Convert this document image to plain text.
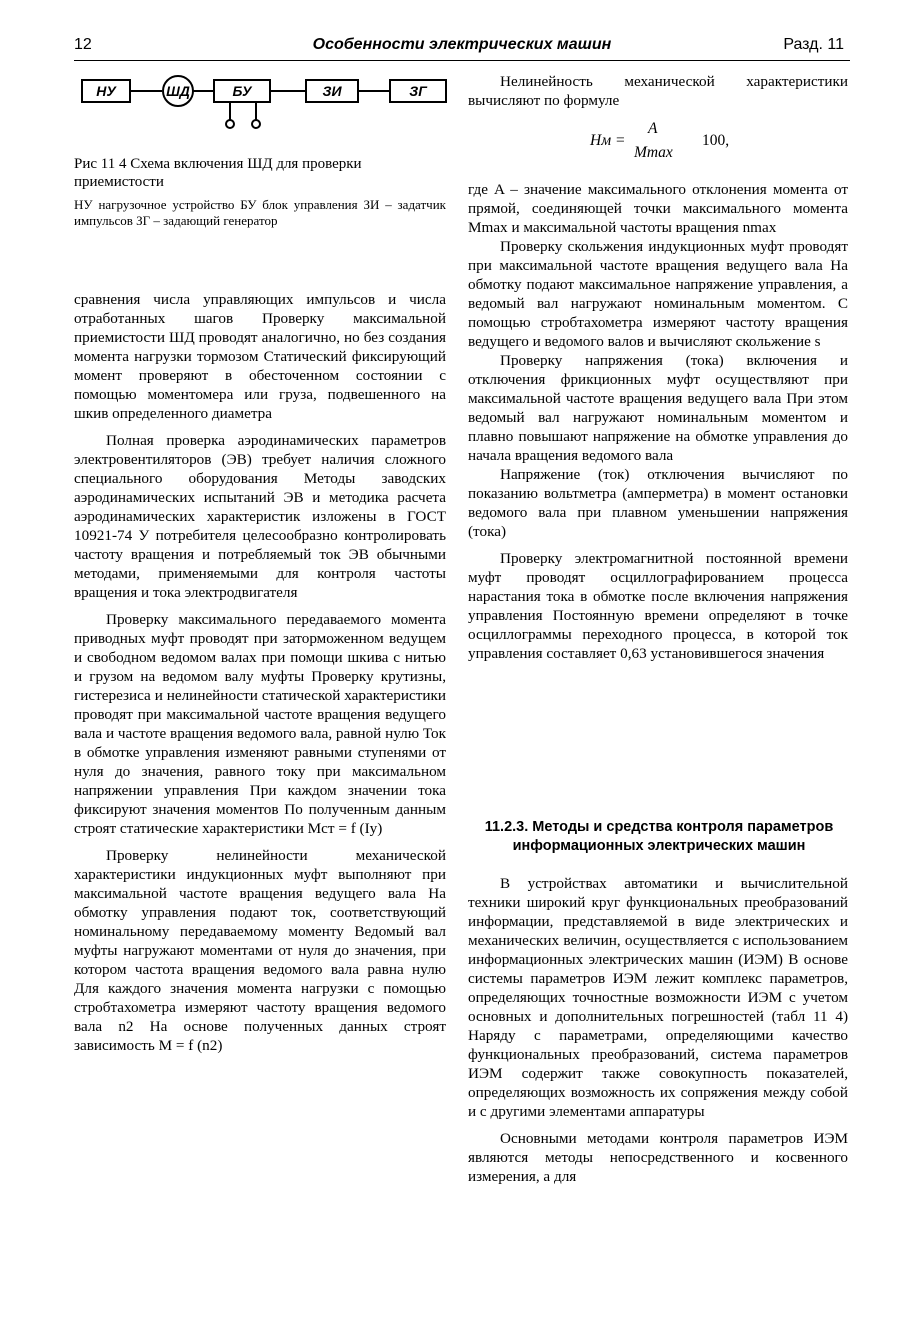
12	Особенности электрических машин	Разд. 11
НУ	ШД	БУ	ЗИ	ЗГ
Рис 11 4 Схема включения ШД для проверки приемистости
НУ нагрузочное устройство БУ блок управления ЗИ – задатчик импульсов ЗГ – задающий генератор

сравнения числа управляющих импульсов и числа отработанных шагов Проверку максимальной приемистости ШД проводят аналогично, но без создания момента нагрузки тормозом Статический фиксирующий момент проверяют в обесточенном состоянии с помощью моментомера или груза, подвешенного на шкив определенного диаметра

Полная проверка аэродинамических параметров электровентиляторов (ЭВ) требует наличия сложного специального оборудования Методы заводских аэродинамических испытаний ЭВ и методика расчета аэродинамических характеристик изложены в ГОСТ 10921-74 У потребителя целесообразно контролировать частоту вращения и потребляемый ток ЭВ обычными методами, применяемыми для контроля частоты вращения и тока электродвигателя

Проверку максимального передаваемого момента приводных муфт проводят при заторможенном ведущем и свободном ведомом валах при помощи шкива с нитью и грузом на ведомом валу муфты Проверку крутизны, гистерезиса и нелинейности статической характеристики проводят при максимальной частоте вращения ведущего вала и частоте вращения ведомого вала, равной нулю Ток в обмотке управления изменяют равными ступенями от нуля до значения, равного току при максимальном напряжении управления При каждом значении тока фиксируют значения моментов По полученным данным строят статические характеристики Mст = f (Iу)

Проверку нелинейности механической характеристики индукционных муфт выполняют при максимальной частоте вращения ведущего вала На обмотку управления подают ток, соответствующий номинальному передаваемому моменту Ведомый вал муфты нагружают моментами от нуля до значения, при котором частота вращения ведомого вала равна нулю Для каждого значения момента нагрузки с помощью стробтахометра измеряют частоту вращения ведомого вала n2 На основе полученных данных строят зависимость M = f (n2)

Нелинейность механической характеристики вычисляют по формуле

где A – значение максимального отклонения момента от прямой, соединяющей точки максимального момента Mmax и максимальной частоты вращения nmax

Проверку скольжения индукционных муфт проводят при максимальной частоте вращения ведущего вала На обмотку подают максимальное напряжение управления, а ведомый вал нагружают номинальным моментом. С помощью стробтахометра измеряют частоту вращения ведущего и ведомого валов и вычисляют скольжение s

Проверку напряжения (тока) включения и отключения фрикционных муфт осуществляют при максимальной частоте вращения ведущего вала При этом ведомый вал нагружают номинальным моментом и плавно повышают напряжение на обмотке управления до начала вращения ведомого вала

Напряжение (ток) отключения вычисляют по показанию вольтметра (амперметра) в момент остановки ведомого вала при плавном уменьшении напряжения (тока)

Проверку электромагнитной постоянной времени муфт проводят осциллографированием процесса нарастания тока в обмотке после включения напряжения управления Постоянную времени определяют в точке осциллограммы переходного процесса, в которой ток управления составляет 0,63 установившегося значения

Hм =
A
Mmax
100,
11.2.3. Методы и средства контроля параметров информационных электрических машин

В устройствах автоматики и вычислительной техники широкий круг функциональных преобразований информации, представляемой в виде электрических и механических величин, осуществляется с использованием информационных электрических машин (ИЭМ) В основе системы параметров ИЭМ лежит комплекс параметров, определяющих точностные возможности ИЭМ с учетом основных и дополнительных погрешностей (табл 11 4) Наряду с параметрами, определяющими качество функциональных преобразований, система параметров ИЭМ содержит также совокупность показателей, определяющих возможность их сопряжения между собой и с другими элементами аппаратуры

Основными методами контроля параметров ИЭМ являются методы непосредственного и косвенного измерения, а для
